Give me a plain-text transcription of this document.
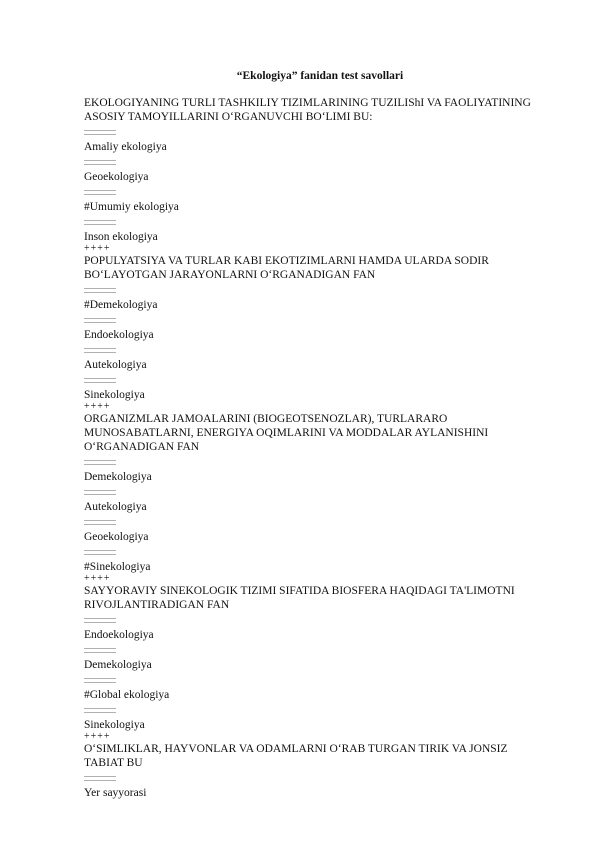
“Ekologiya” fanidan test savollari
EKOLOGIYANING TURLI TASHKILIY TIZIMLARINING TUZILIShI VA FAOLIYATINING ASOSIY TAMOYILLARINI O‘RGANUVCHI BO‘LIMI BU:
Amaliy ekologiya
Geoekologiya
#Umumiy ekologiya
Inson ekologiya
++++
POPULYATSIYA VA TURLAR KABI EKOTIZIMLARNI HAMDA ULARDA SODIR BO‘LAYOTGAN JARAYONLARNI O‘RGANADIGAN FAN
#Demekologiya
Endoekologiya
Autekologiya
Sinekologiya
++++
ORGANIZMLAR JAMOALARINI (BIOGEOTSENOZLAR), TURLARARO MUNOSABATLARNI, ENERGIYA OQIMLARINI VA MODDALAR AYLANISHINI O‘RGANADIGAN FAN
Demekologiya
Autekologiya
Geoekologiya
#Sinekologiya
++++
SAYYORAVIY SINEKOLOGIK TIZIMI SIFATIDA BIOSFERA HAQIDAGI TA'LIMOTNI RIVOJLANTIRADIGAN FAN
Endoekologiya
Demekologiya
#Global ekologiya
Sinekologiya
++++
O‘SIMLIKLAR, HAYVONLAR VA ODAMLARNI O‘RAB TURGAN TIRIK VA JONSIZ TABIAT BU
Yer sayyorasi
